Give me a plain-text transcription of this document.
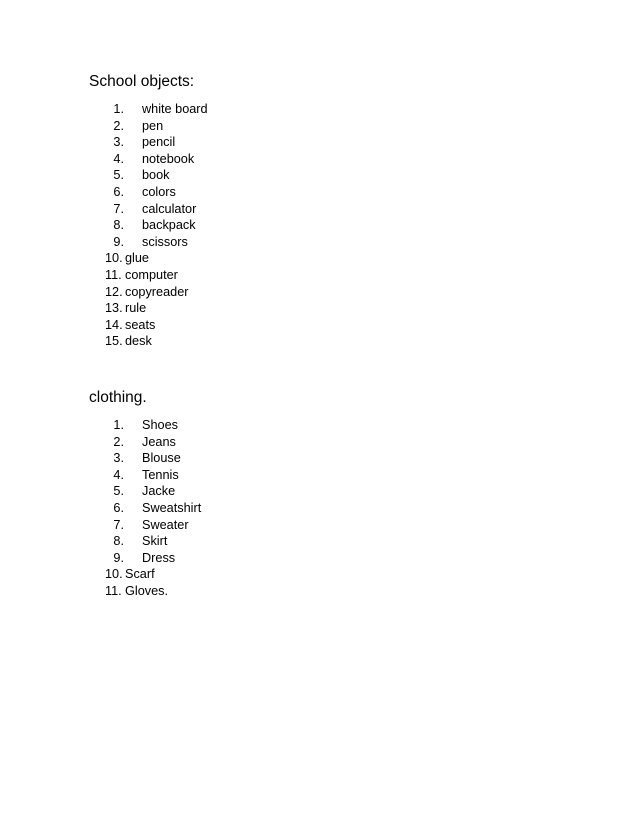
School objects:
1. white board
2. pen
3. pencil
4. notebook
5. book
6. colors
7. calculator
8. backpack
9. scissors
10. glue
11. computer
12. copyreader
13. rule
14. seats
15. desk
clothing.
1. Shoes
2. Jeans
3. Blouse
4. Tennis
5. Jacke
6. Sweatshirt
7. Sweater
8. Skirt
9. Dress
10. Scarf
11. Gloves.
